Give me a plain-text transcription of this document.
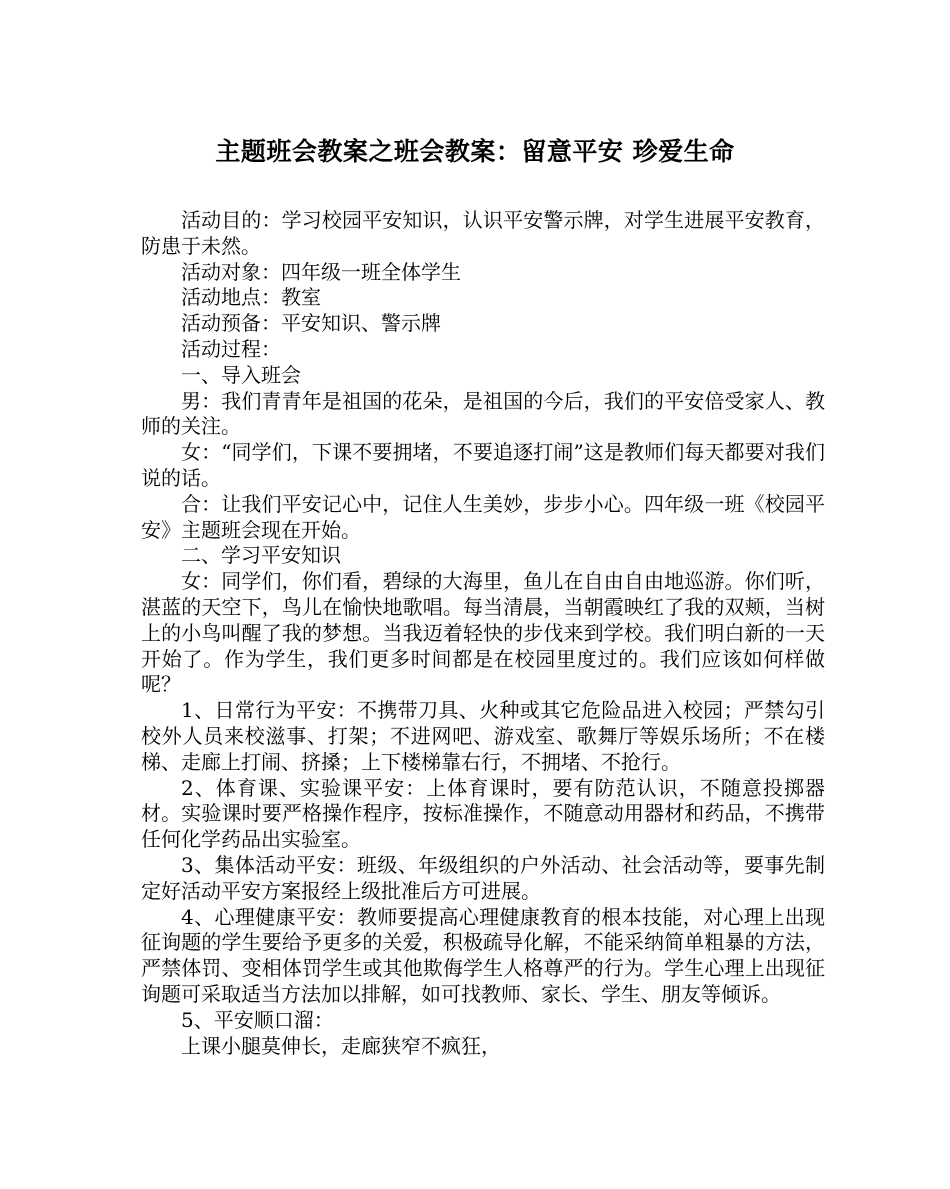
主题班会教案之班会教案：留意平安 珍爱生命

活动目的：学习校园平安知识，认识平安警示牌，对学生进展平安教育，防患于未然。

活动对象：四年级一班全体学生

活动地点：教室

活动预备：平安知识、警示牌

活动过程：

一、导入班会

男：我们青青年是祖国的花朵，是祖国的今后，我们的平安倍受家人、教师的关注。

女：“同学们，下课不要拥堵，不要追逐打闹”这是教师们每天都要对我们说的话。

合：让我们平安记心中，记住人生美妙，步步小心。四年级一班《校园平安》主题班会现在开始。

二、学习平安知识

女：同学们，你们看，碧绿的大海里，鱼儿在自由自由地巡游。你们听，湛蓝的天空下，鸟儿在愉快地歌唱。每当清晨，当朝霞映红了我的双颊，当树上的小鸟叫醒了我的梦想。当我迈着轻快的步伐来到学校。我们明白新的一天开始了。作为学生，我们更多时间都是在校园里度过的。我们应该如何样做呢？

1、日常行为平安：不携带刀具、火种或其它危险品进入校园；严禁勾引校外人员来校滋事、打架；不进网吧、游戏室、歌舞厅等娱乐场所；不在楼梯、走廊上打闹、挤搡；上下楼梯靠右行，不拥堵、不抢行。

2、体育课、实验课平安：上体育课时，要有防范认识，不随意投掷器材。实验课时要严格操作程序，按标准操作，不随意动用器材和药品，不携带任何化学药品出实验室。

3、集体活动平安：班级、年级组织的户外活动、社会活动等，要事先制定好活动平安方案报经上级批准后方可进展。

4、心理健康平安：教师要提高心理健康教育的根本技能，对心理上出现征询题的学生要给予更多的关爱，积极疏导化解，不能采纳简单粗暴的方法，严禁体罚、变相体罚学生或其他欺侮学生人格尊严的行为。学生心理上出现征询题可采取适当方法加以排解，如可找教师、家长、学生、朋友等倾诉。

5、平安顺口溜：

上课小腿莫伸长，走廊狭窄不疯狂，
